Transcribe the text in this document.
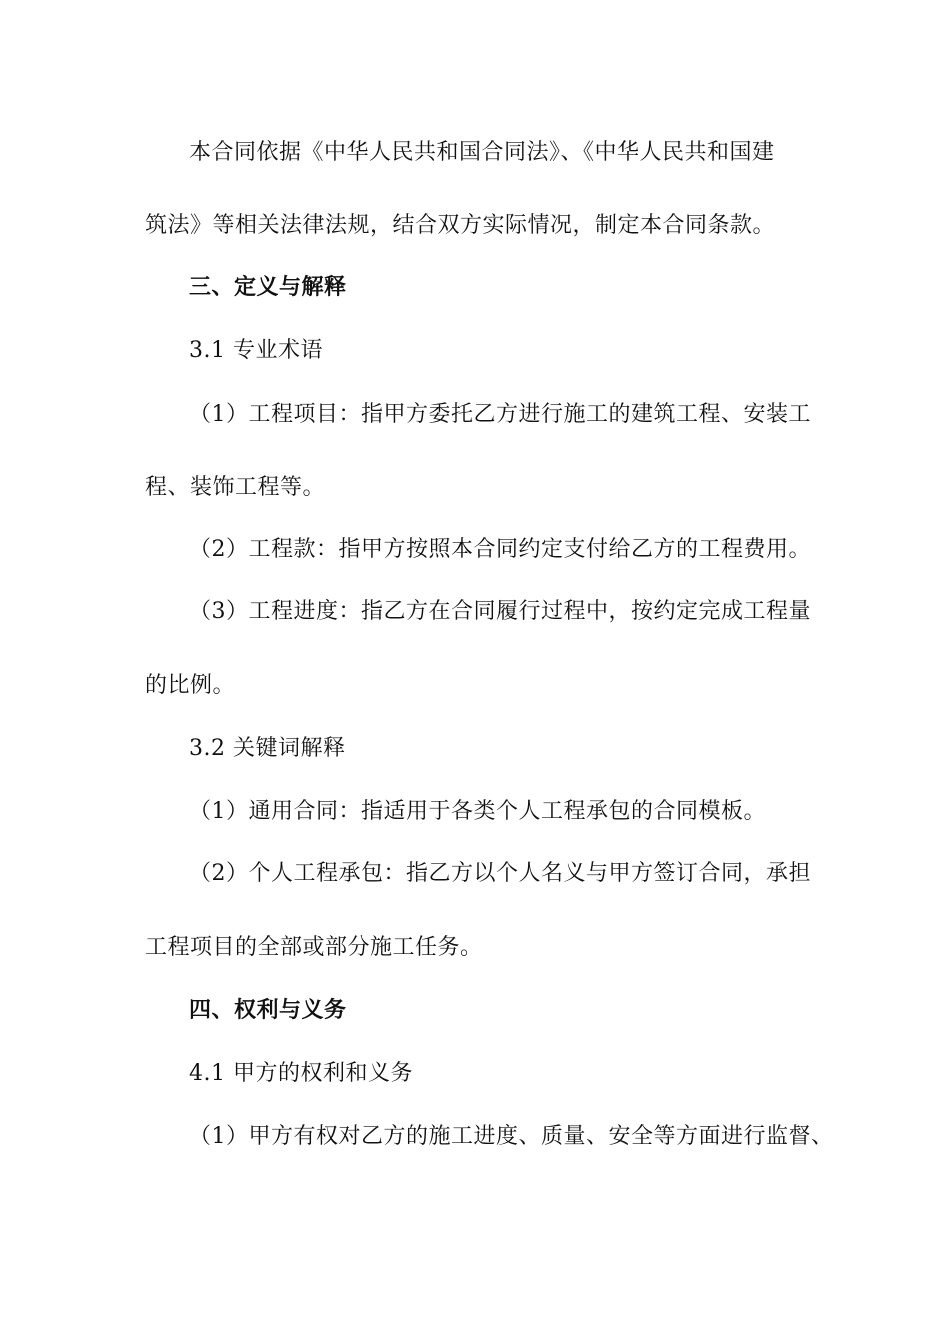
本合同依据《中华人民共和国合同法》、《中华人民共和国建
筑法》等相关法律法规，结合双方实际情况，制定本合同条款。
三、定义与解释
3.1 专业术语
（1）工程项目：指甲方委托乙方进行施工的建筑工程、安装工
程、装饰工程等。
（2）工程款：指甲方按照本合同约定支付给乙方的工程费用。
（3）工程进度：指乙方在合同履行过程中，按约定完成工程量
的比例。
3.2 关键词解释
（1）通用合同：指适用于各类个人工程承包的合同模板。
（2）个人工程承包：指乙方以个人名义与甲方签订合同，承担
工程项目的全部或部分施工任务。
四、权利与义务
4.1 甲方的权利和义务
（1）甲方有权对乙方的施工进度、质量、安全等方面进行监督、
